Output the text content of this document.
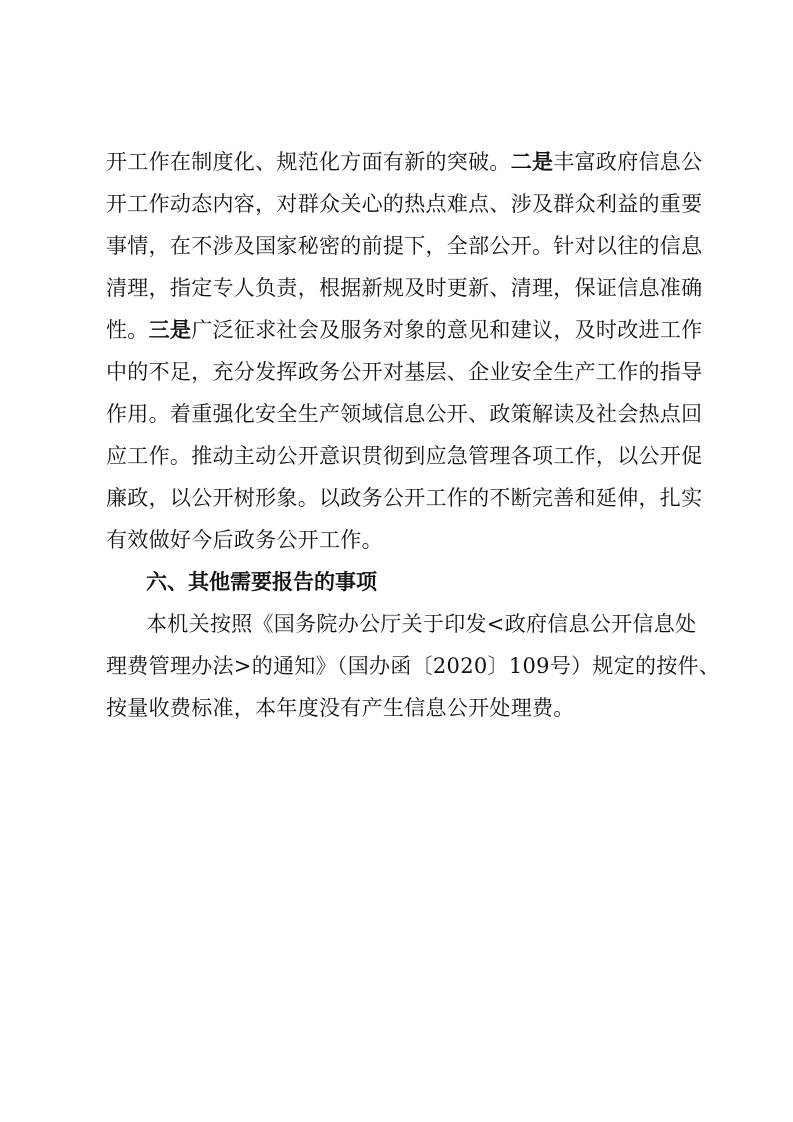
开工作在制度化、规范化方面有新的突破。二是丰富政府信息公
开工作动态内容，对群众关心的热点难点、涉及群众利益的重要
事情，在不涉及国家秘密的前提下，全部公开。针对以往的信息
清理，指定专人负责，根据新规及时更新、清理，保证信息准确
性。三是广泛征求社会及服务对象的意见和建议，及时改进工作
中的不足，充分发挥政务公开对基层、企业安全生产工作的指导
作用。着重强化安全生产领域信息公开、政策解读及社会热点回
应工作。推动主动公开意识贯彻到应急管理各项工作，以公开促
廉政，以公开树形象。以政务公开工作的不断完善和延伸，扎实
有效做好今后政务公开工作。
六、其他需要报告的事项
本机关按照《国务院办公厅关于印发<政府信息公开信息处
理费管理办法>的通知》（国办函〔2020〕109号）规定的按件、
按量收费标准，本年度没有产生信息公开处理费。
